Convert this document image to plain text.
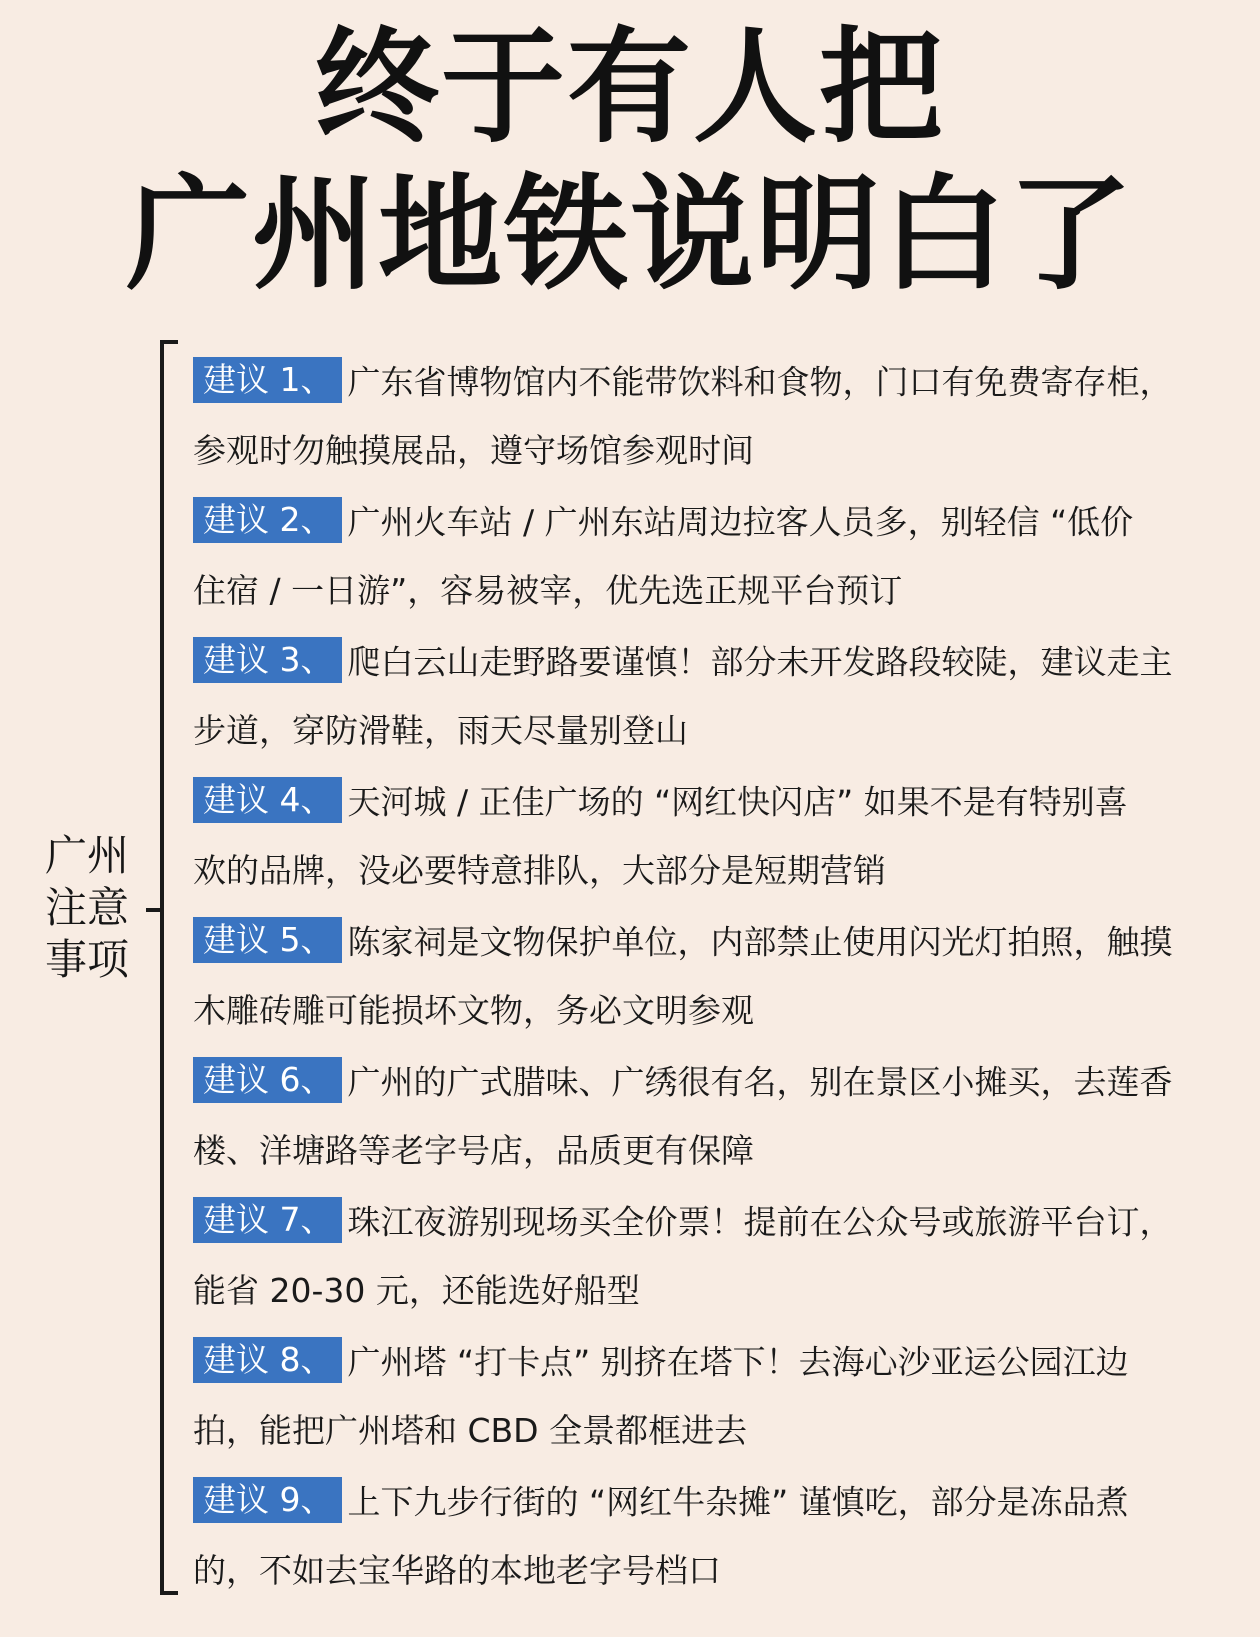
终于有人把
广州地铁说明白了
广州
注意
事项
建议 1、 广东省博物馆内不能带饮料和食物，门口有免费寄存柜，
参观时勿触摸展品，遵守场馆参观时间
建议 2、 广州火车站 / 广州东站周边拉客人员多，别轻信 “低价
住宿 / 一日游”，容易被宰，优先选正规平台预订
建议 3、 爬白云山走野路要谨慎！部分未开发路段较陡，建议走主
步道，穿防滑鞋，雨天尽量别登山
建议 4、 天河城 / 正佳广场的 “网红快闪店” 如果不是有特别喜
欢的品牌，没必要特意排队，大部分是短期营销
建议 5、 陈家祠是文物保护单位，内部禁止使用闪光灯拍照，触摸
木雕砖雕可能损坏文物，务必文明参观
建议 6、 广州的广式腊味、广绣很有名，别在景区小摊买，去莲香
楼、洋塘路等老字号店，品质更有保障
建议 7、 珠江夜游别现场买全价票！提前在公众号或旅游平台订，
能省 20-30 元，还能选好船型
建议 8、 广州塔 “打卡点” 别挤在塔下！去海心沙亚运公园江边
拍，能把广州塔和 CBD 全景都框进去
建议 9、 上下九步行街的 “网红牛杂摊” 谨慎吃，部分是冻品煮
的，不如去宝华路的本地老字号档口
